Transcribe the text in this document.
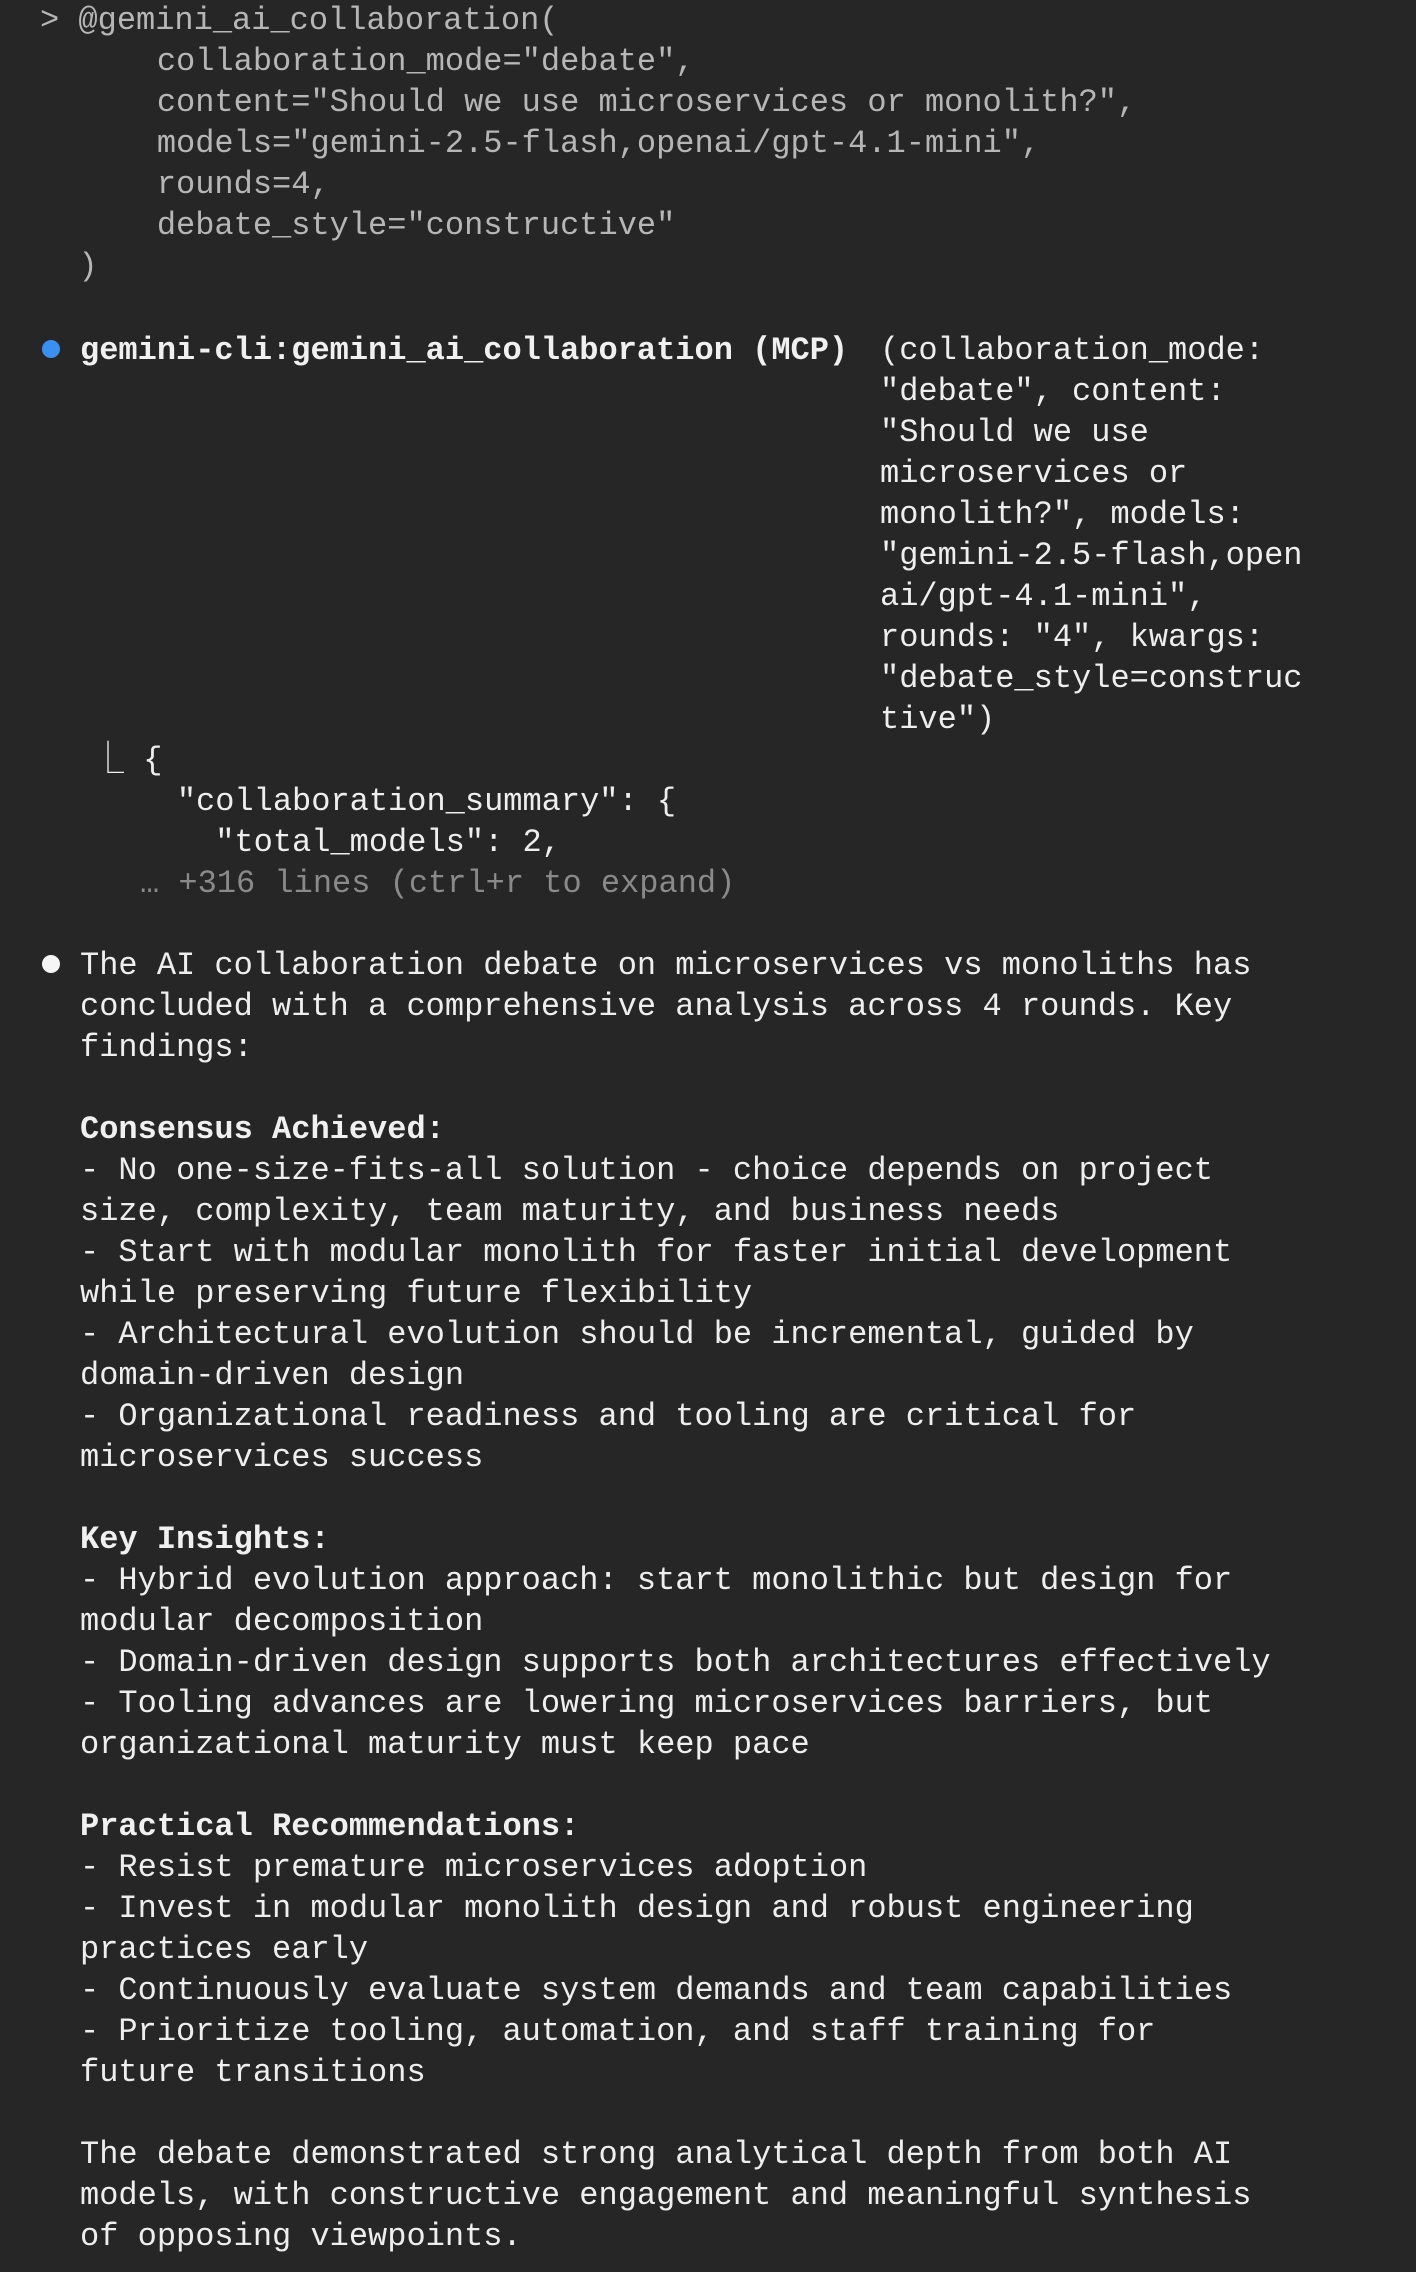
> @gemini_ai_collaboration(
collaboration_mode="debate",
content="Should we use microservices or monolith?",
models="gemini-2.5-flash,openai/gpt-4.1-mini",
rounds=4,
debate_style="constructive"
)
gemini-cli:gemini_ai_collaboration (MCP) (collaboration_mode:
"debate", content:
"Should we use
microservices or
monolith?", models:
"gemini-2.5-flash,open
ai/gpt-4.1-mini",
rounds: "4", kwargs:
"debate_style=construc
tive")
⎿ {
"collaboration_summary": {
"total_models": 2,
… +316 lines (ctrl+r to expand)
The AI collaboration debate on microservices vs monoliths has
concluded with a comprehensive analysis across 4 rounds. Key
findings:
Consensus Achieved:
- No one-size-fits-all solution - choice depends on project
size, complexity, team maturity, and business needs
- Start with modular monolith for faster initial development
while preserving future flexibility
- Architectural evolution should be incremental, guided by
domain-driven design
- Organizational readiness and tooling are critical for
microservices success
Key Insights:
- Hybrid evolution approach: start monolithic but design for
modular decomposition
- Domain-driven design supports both architectures effectively
- Tooling advances are lowering microservices barriers, but
organizational maturity must keep pace
Practical Recommendations:
- Resist premature microservices adoption
- Invest in modular monolith design and robust engineering
practices early
- Continuously evaluate system demands and team capabilities
- Prioritize tooling, automation, and staff training for
future transitions
The debate demonstrated strong analytical depth from both AI
models, with constructive engagement and meaningful synthesis
of opposing viewpoints.
